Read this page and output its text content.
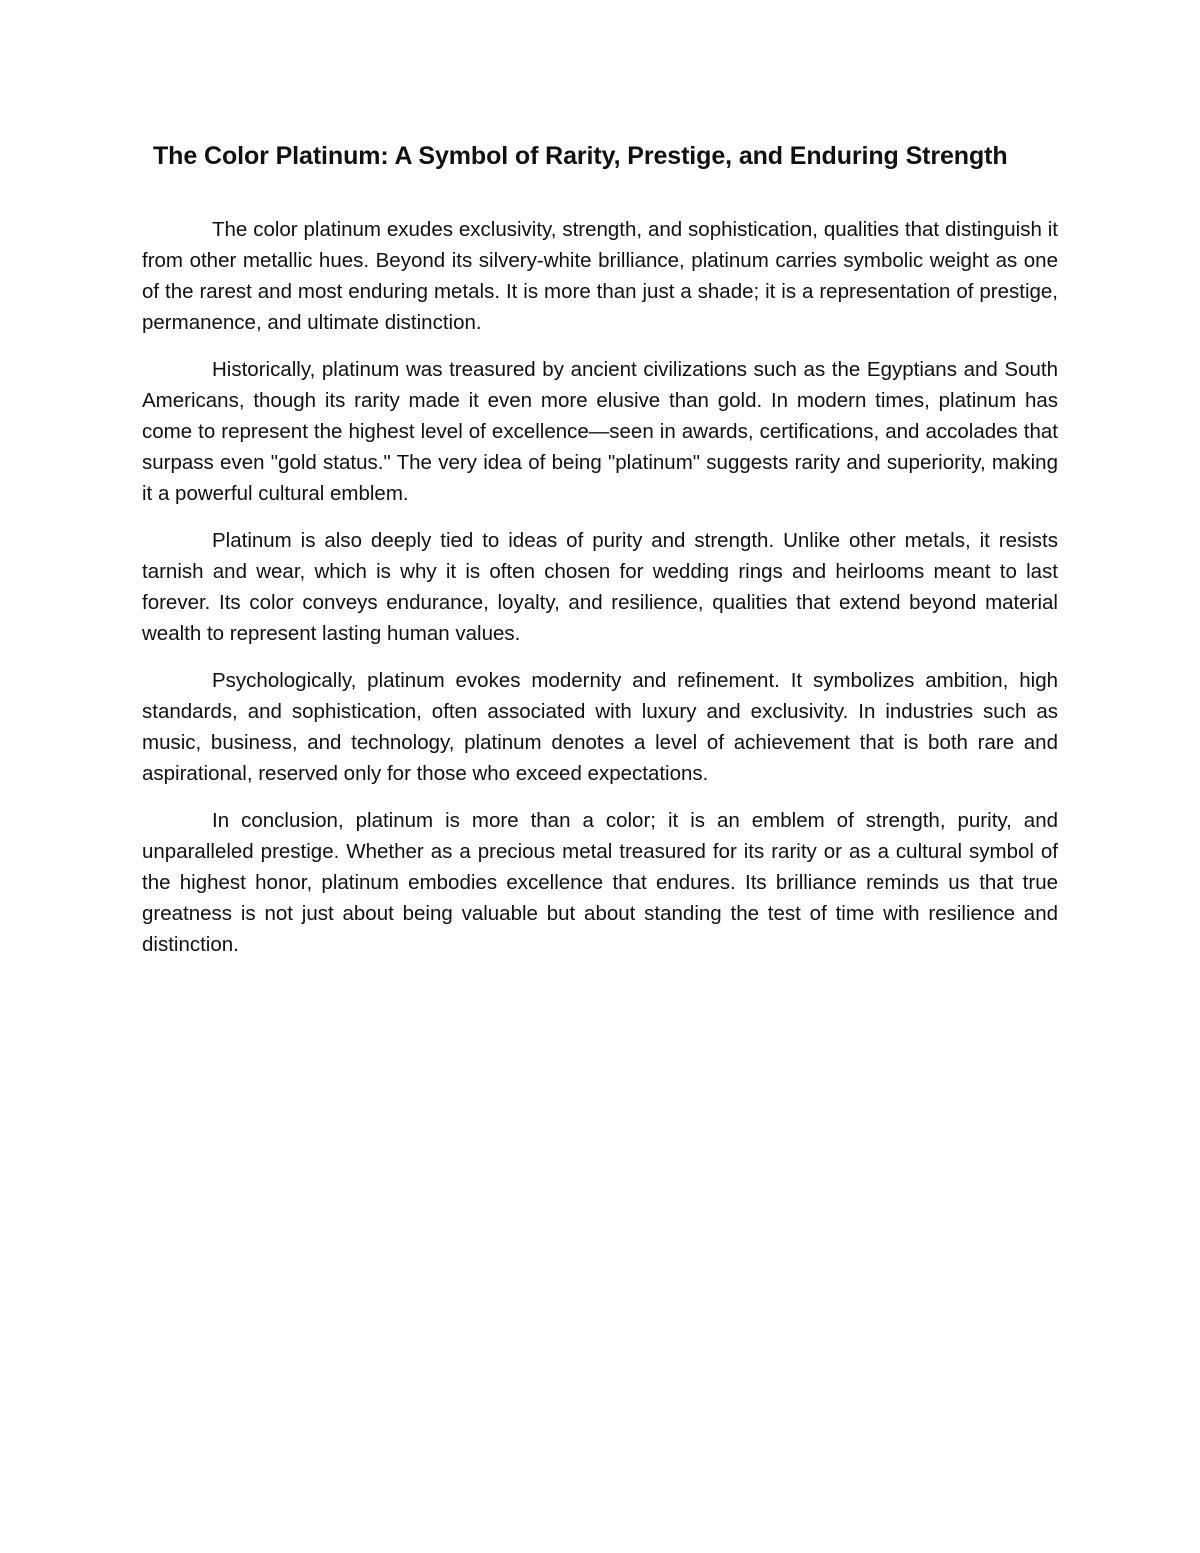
The Color Platinum: A Symbol of Rarity, Prestige, and Enduring Strength

The color platinum exudes exclusivity, strength, and sophistication, qualities that distinguish it from other metallic hues. Beyond its silvery-white brilliance, platinum carries symbolic weight as one of the rarest and most enduring metals. It is more than just a shade; it is a representation of prestige, permanence, and ultimate distinction.

Historically, platinum was treasured by ancient civilizations such as the Egyptians and South Americans, though its rarity made it even more elusive than gold. In modern times, platinum has come to represent the highest level of excellence—seen in awards, certifications, and accolades that surpass even "gold status." The very idea of being "platinum" suggests rarity and superiority, making it a powerful cultural emblem.

Platinum is also deeply tied to ideas of purity and strength. Unlike other metals, it resists tarnish and wear, which is why it is often chosen for wedding rings and heirlooms meant to last forever. Its color conveys endurance, loyalty, and resilience, qualities that extend beyond material wealth to represent lasting human values.

Psychologically, platinum evokes modernity and refinement. It symbolizes ambition, high standards, and sophistication, often associated with luxury and exclusivity. In industries such as music, business, and technology, platinum denotes a level of achievement that is both rare and aspirational, reserved only for those who exceed expectations.

In conclusion, platinum is more than a color; it is an emblem of strength, purity, and unparalleled prestige. Whether as a precious metal treasured for its rarity or as a cultural symbol of the highest honor, platinum embodies excellence that endures. Its brilliance reminds us that true greatness is not just about being valuable but about standing the test of time with resilience and distinction.
